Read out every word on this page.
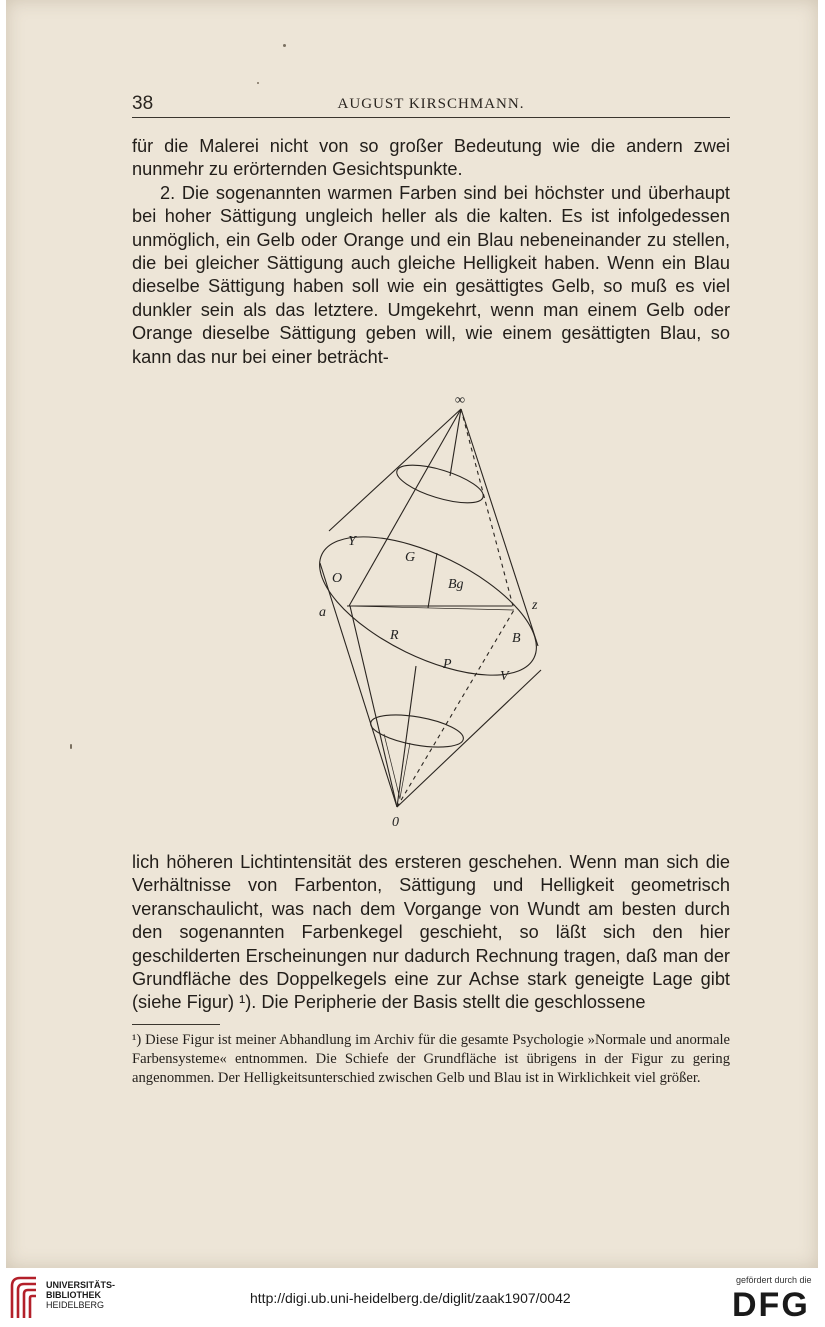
38	AUGUST KIRSCHMANN.

für die Malerei nicht von so großer Bedeutung wie die andern zwei nunmehr zu erörternden Gesichtspunkte.

2. Die sogenannten warmen Farben sind bei höchster und überhaupt bei hoher Sättigung ungleich heller als die kalten. Es ist infolgedessen unmöglich, ein Gelb oder Orange und ein Blau nebeneinander zu stellen, die bei gleicher Sättigung auch gleiche Helligkeit haben. Wenn ein Blau dieselbe Sättigung haben soll wie ein gesättigtes Gelb, so muß es viel dunkler sein als das letztere. Umgekehrt, wenn man einem Gelb oder Orange dieselbe Sättigung geben will, wie einem gesättigten Blau, so kann das nur bei einer beträcht-

∞
Y
G
O	Bg
a	z
R	B
P
V
0

lich höheren Lichtintensität des ersteren geschehen. Wenn man sich die Verhältnisse von Farbenton, Sättigung und Helligkeit geometrisch veranschaulicht, was nach dem Vorgange von Wundt am besten durch den sogenannten Farbenkegel geschieht, so läßt sich den hier geschilderten Erscheinungen nur dadurch Rechnung tragen, daß man der Grundfläche des Doppelkegels eine zur Achse stark geneigte Lage gibt (siehe Figur) ¹). Die Peripherie der Basis stellt die geschlossene

¹) Diese Figur ist meiner Abhandlung im Archiv für die gesamte Psychologie »Normale und anormale Farbensysteme« entnommen. Die Schiefe der Grundfläche ist übrigens in der Figur zu gering angenommen. Der Helligkeitsunterschied zwischen Gelb und Blau ist in Wirklichkeit viel größer.

UNIVERSITÄTS-
BIBLIOTHEK
HEIDELBERG	http://digi.ub.uni-heidelberg.de/diglit/zaak1907/0042
gefördert durch die
DFG
